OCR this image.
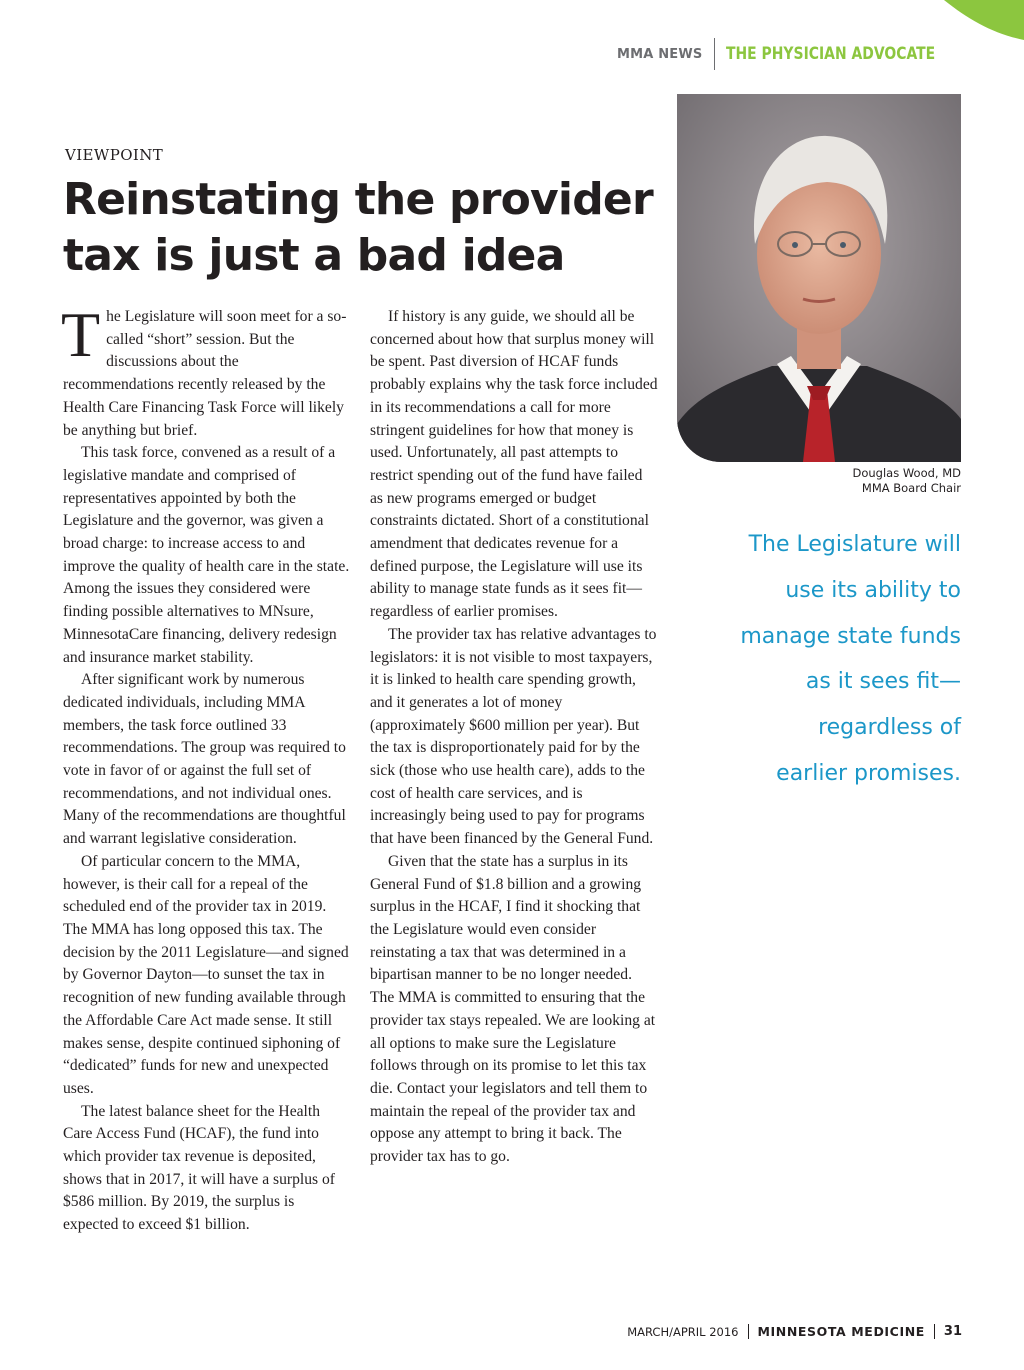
MMA NEWS THE PHYSICIAN ADVOCATE
VIEWPOINT
Reinstating the provider
tax is just a bad idea

The Legislature will soon meet for a so-called “short” session. But the discussions about the recommendations recently released by the Health Care Financing Task Force will likely be anything but brief.

This task force, convened as a result of a legislative mandate and comprised of representatives appointed by both the Legislature and the governor, was given a broad charge: to increase access to and improve the quality of health care in the state. Among the issues they considered were finding possible alternatives to MNsure, MinnesotaCare financing, delivery redesign and insurance market stability.

After significant work by numerous dedicated individuals, including MMA members, the task force outlined 33 recommendations. The group was required to vote in favor of or against the full set of recommendations, and not individual ones. Many of the recommendations are thoughtful and warrant legislative consideration.

Of particular concern to the MMA, however, is their call for a repeal of the scheduled end of the provider tax in 2019. The MMA has long opposed this tax. The decision by the 2011 Legislature—and signed by Governor Dayton—to sunset the tax in recognition of new funding available through the Affordable Care Act made sense. It still makes sense, despite continued siphoning of “dedicated” funds for new and unexpected uses.

The latest balance sheet for the Health Care Access Fund (HCAF), the fund into which provider tax revenue is deposited, shows that in 2017, it will have a surplus of $586 million. By 2019, the surplus is expected to exceed $1 billion.

If history is any guide, we should all be concerned about how that surplus money will be spent. Past diversion of HCAF funds probably explains why the task force included in its recommendations a call for more stringent guidelines for how that money is used. Unfortunately, all past attempts to restrict spending out of the fund have failed as new programs emerged or budget constraints dictated. Short of a constitutional amendment that dedicates revenue for a defined purpose, the Legislature will use its ability to manage state funds as it sees fit—regardless of earlier promises.

The provider tax has relative advantages to legislators: it is not visible to most taxpayers, it is linked to health care spending growth, and it generates a lot of money (approximately $600 million per year). But the tax is disproportionately paid for by the sick (those who use health care), adds to the cost of health care services, and is increasingly being used to pay for programs that have been financed by the General Fund.

Given that the state has a surplus in its General Fund of $1.8 billion and a growing surplus in the HCAF, I find it shocking that the Legislature would even consider reinstating a tax that was determined in a bipartisan manner to be no longer needed. The MMA is committed to ensuring that the provider tax stays repealed. We are looking at all options to make sure the Legislature follows through on its promise to let this tax die. Contact your legislators and tell them to maintain the repeal of the provider tax and oppose any attempt to bring it back. The provider tax has to go.

Douglas Wood, MD
MMA Board Chair
The Legislature will
use its ability to
manage state funds
as it sees fit—
regardless of
earlier promises.
MARCH/APRIL 2016 MINNESOTA MEDICINE 31
